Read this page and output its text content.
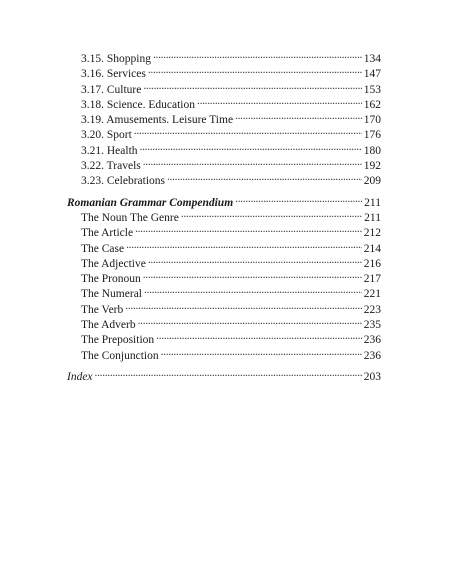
3.15. Shopping . . .	134
3.16. Services . . .	147
3.17. Culture . . .	153
3.18. Science. Education . . .	162
3.19. Amusements. Leisure Time . . .	170
3.20. Sport . . .	176
3.21. Health . . .	180
3.22. Travels . . .	192
3.23. Celebrations . . .	209
Romanian Grammar Compendium . . .	211
The Noun The Genre . . .	211
The Article . . .	212
The Case . . .	214
The Adjective . . .	216
The Pronoun . . .	217
The Numeral . . .	221
The Verb . . .	223
The Adverb . . .	235
The Preposition . . .	236
The Conjunction . . .	236
Index . . .	203
